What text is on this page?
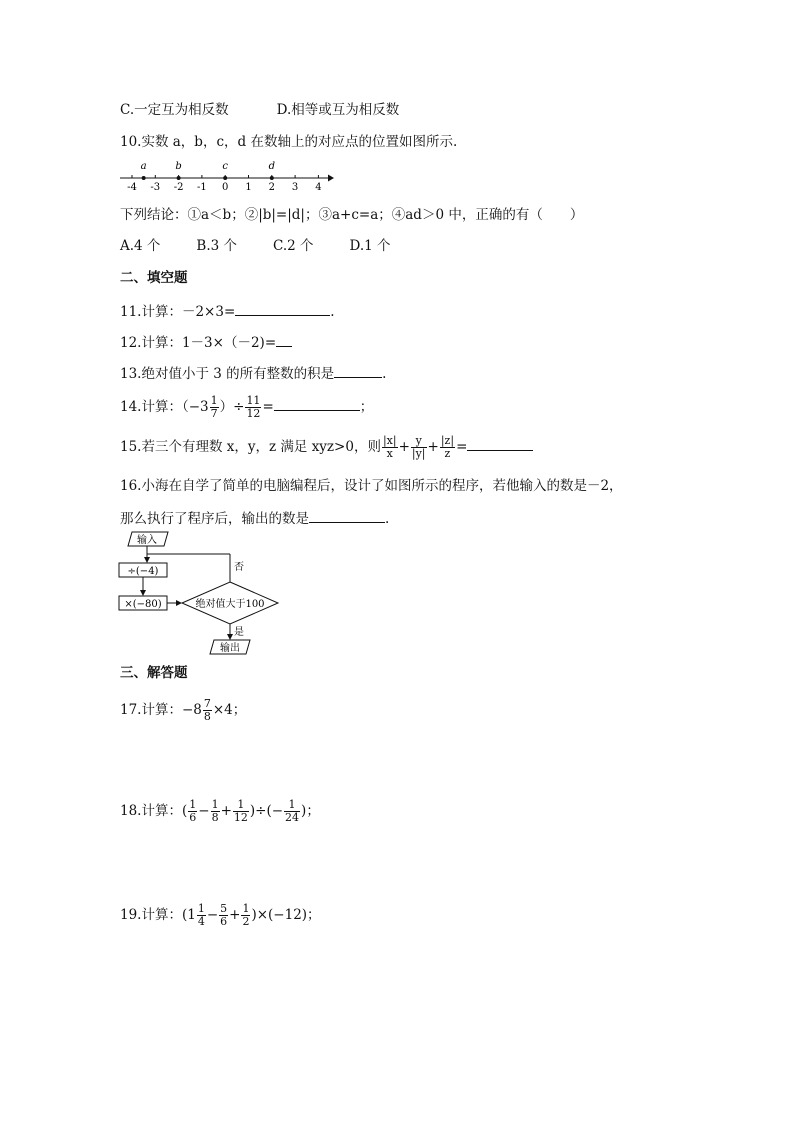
C.一定互为相反数	D.相等或互为相反数
10.实数 a，b，c，d 在数轴上的对应点的位置如图所示.
-4 -3 -2 -1 0 1 2 3 4
a	b	c	d
下列结论：①a＜b；②|b|=|d|；③a+c=a；④ad＞0 中，正确的有（　　）
A.4 个	B.3 个	C.2 个	D.1 个
二、填空题
11.计算：－2×3=	.
12.计算：1－3×（－2)=
13.绝对值小于 3 的所有整数的积是	.
14.计算：（$-3 \frac{1}{7}$ ）÷ $\frac{11}{12}$ =	；
15.若三个有理数 x，y，z 满足 xyz>0，则 $\frac{|x|}{x} + \frac{y}{|y|} + \frac{|z|}{z}$ =
16.小海在自学了简单的电脑编程后，设计了如图所示的程序，若他输入的数是－2，
那么执行了程序后，输出的数是	.
输入
否
÷(−4)
×(−80)	绝对值大于100
是
输出
三、解答题
17.计算：$-8 \frac{7}{8} \times 4$；
18.计算：( $\frac{1}{6} - \frac{1}{8} + \frac{1}{12}$ )÷(− $\frac{1}{24}$ )；
19.计算：$(1 \frac{1}{4} - \frac{5}{6} + \frac{1}{2} )\times(-12)$；
